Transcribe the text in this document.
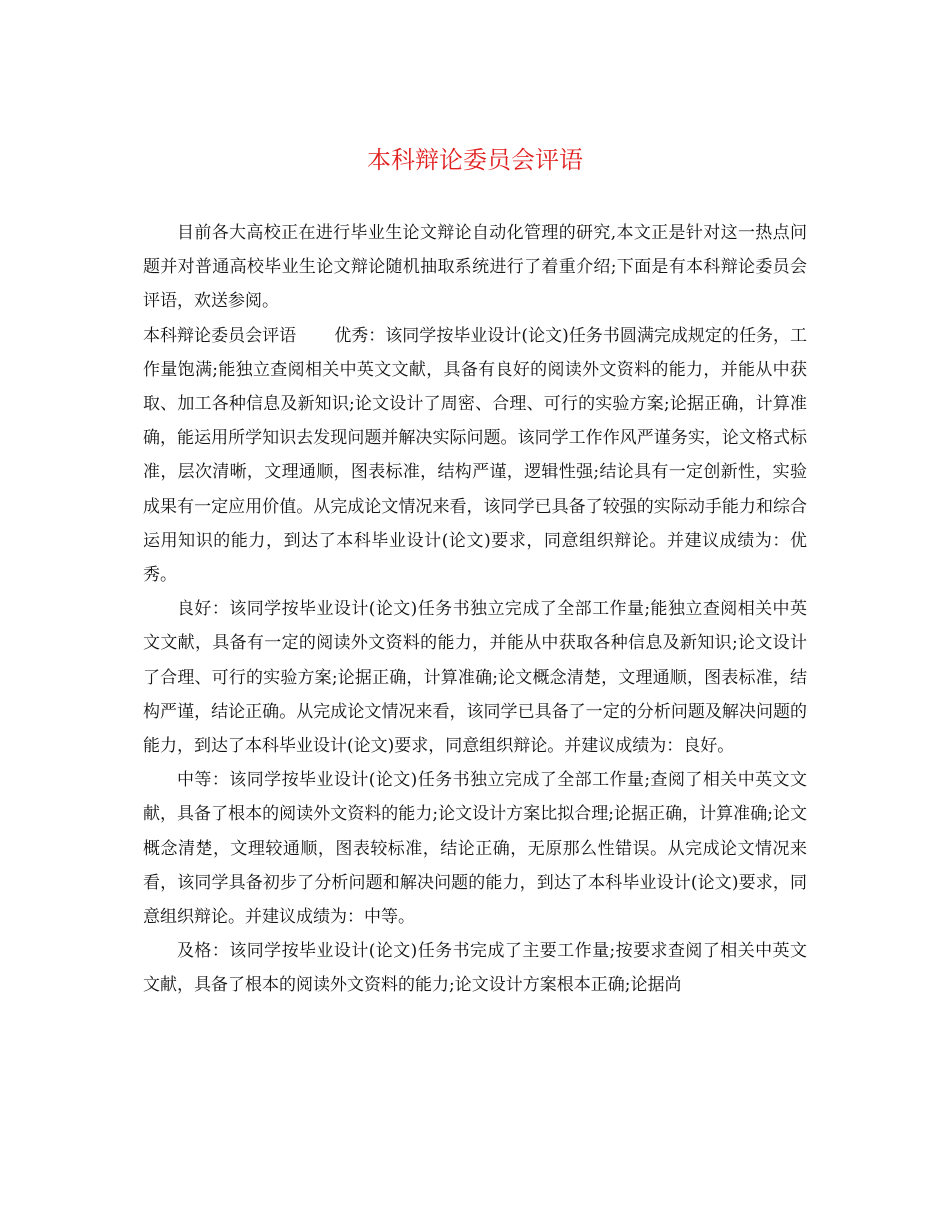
本科辩论委员会评语

目前各大高校正在进行毕业生论文辩论自动化管理的研究,本文正是针对这一热点问题并对普通高校毕业生论文辩论随机抽取系统进行了着重介绍;下面是有本科辩论委员会评语，欢送参阅。

本科辩论委员会评语 优秀：该同学按毕业设计(论文)任务书圆满完成规定的任务，工作量饱满;能独立查阅相关中英文文献，具备有良好的阅读外文资料的能力，并能从中获取、加工各种信息及新知识;论文设计了周密、合理、可行的实验方案;论据正确，计算准确，能运用所学知识去发现问题并解决实际问题。该同学工作作风严谨务实，论文格式标准，层次清晰，文理通顺，图表标准，结构严谨，逻辑性强;结论具有一定创新性，实验成果有一定应用价值。从完成论文情况来看，该同学已具备了较强的实际动手能力和综合运用知识的能力，到达了本科毕业设计(论文)要求，同意组织辩论。并建议成绩为：优秀。

良好：该同学按毕业设计(论文)任务书独立完成了全部工作量;能独立查阅相关中英文文献，具备有一定的阅读外文资料的能力，并能从中获取各种信息及新知识;论文设计了合理、可行的实验方案;论据正确，计算准确;论文概念清楚，文理通顺，图表标准，结构严谨，结论正确。从完成论文情况来看，该同学已具备了一定的分析问题及解决问题的能力，到达了本科毕业设计(论文)要求，同意组织辩论。并建议成绩为：良好。

中等：该同学按毕业设计(论文)任务书独立完成了全部工作量;查阅了相关中英文文献，具备了根本的阅读外文资料的能力;论文设计方案比拟合理;论据正确，计算准确;论文概念清楚，文理较通顺，图表较标准，结论正确，无原那么性错误。从完成论文情况来看，该同学具备初步了分析问题和解决问题的能力，到达了本科毕业设计(论文)要求，同意组织辩论。并建议成绩为：中等。

及格：该同学按毕业设计(论文)任务书完成了主要工作量;按要求查阅了相关中英文文献，具备了根本的阅读外文资料的能力;论文设计方案根本正确;论据尚
